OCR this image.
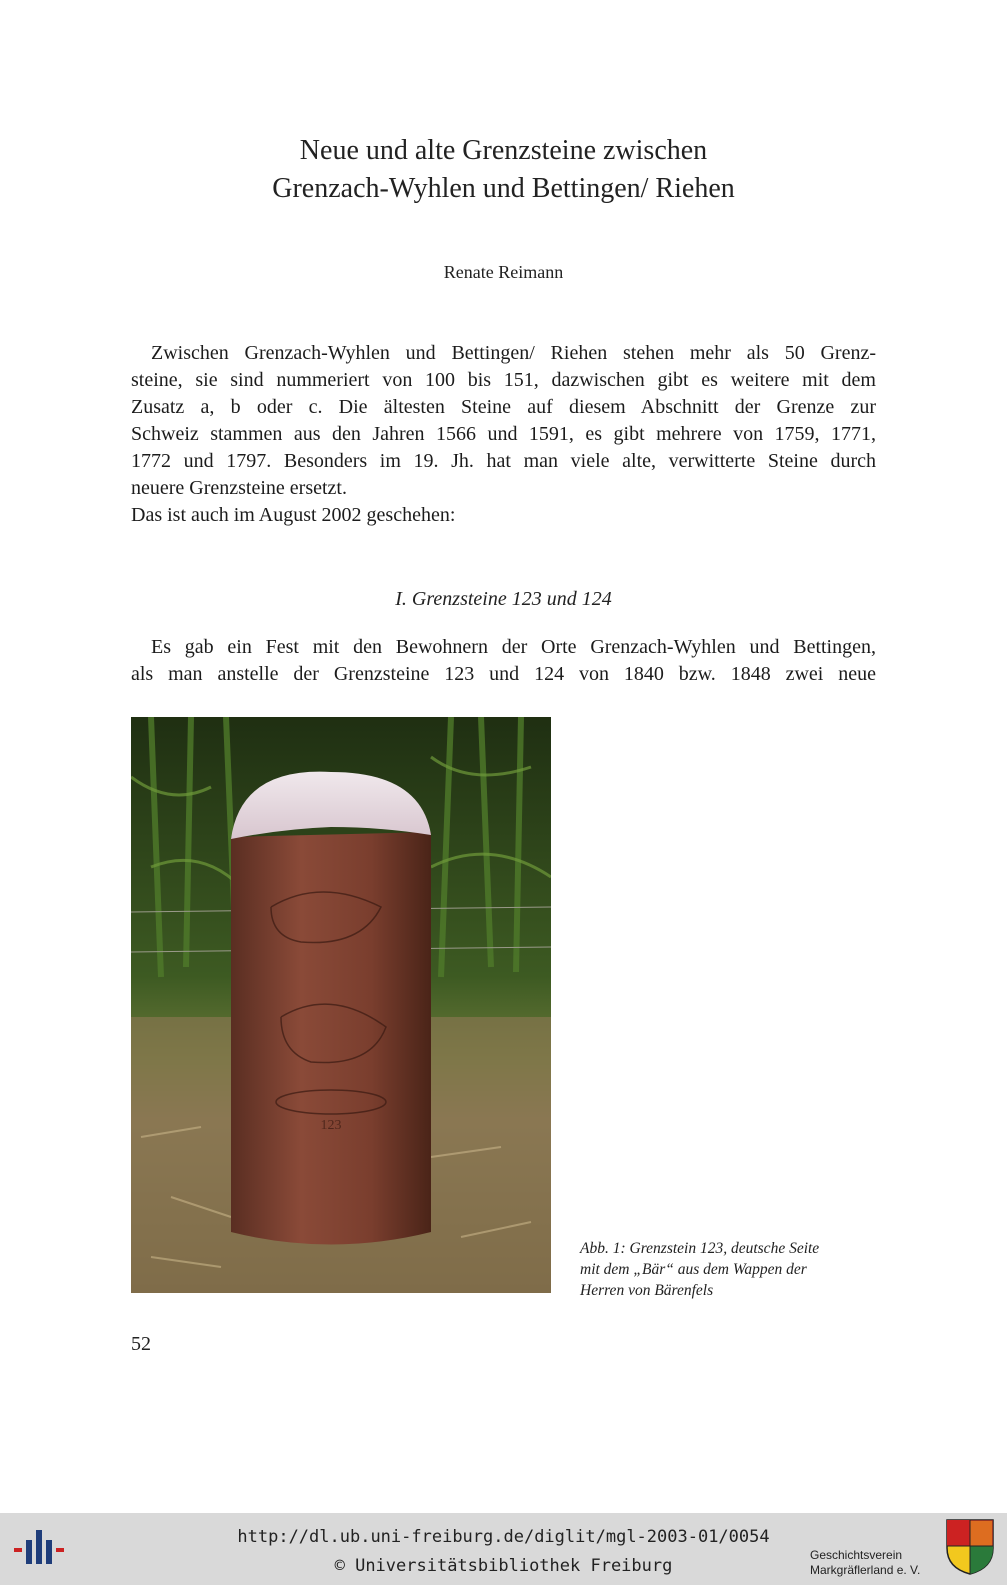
Neue und alte Grenzsteine zwischen
Grenzach-Wyhlen und Bettingen/ Riehen
Renate Reimann
Zwischen Grenzach-Wyhlen und Bettingen/ Riehen stehen mehr als 50 Grenz-
steine, sie sind nummeriert von 100 bis 151, dazwischen gibt es weitere mit dem
Zusatz a, b oder c. Die ältesten Steine auf diesem Abschnitt der Grenze zur
Schweiz stammen aus den Jahren 1566 und 1591, es gibt mehrere von 1759, 1771,
1772 und 1797. Besonders im 19. Jh. hat man viele alte, verwitterte Steine durch
neuere Grenzsteine ersetzt.
Das ist auch im August 2002 geschehen:
I. Grenzsteine 123 und 124
Es gab ein Fest mit den Bewohnern der Orte Grenzach-Wyhlen und Bettingen,
als man anstelle der Grenzsteine 123 und 124 von 1840 bzw. 1848 zwei neue
123
Abb. 1: Grenzstein 123, deutsche Seite
mit dem „Bär“ aus dem Wappen der
Herren von Bärenfels
52
http://dl.ub.uni-freiburg.de/diglit/mgl-2003-01/0054
© Universitätsbibliothek Freiburg
Geschichtsverein
Markgräflerland e. V.
